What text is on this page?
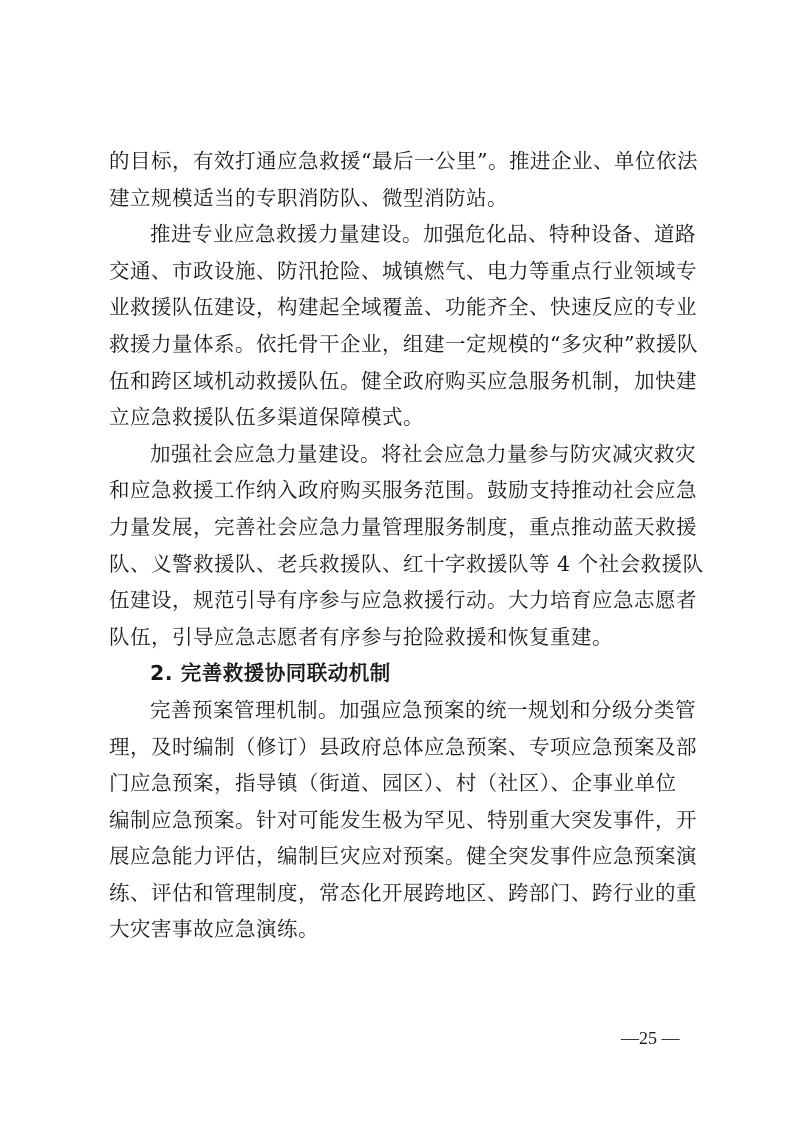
的目标，有效打通应急救援“最后一公里”。推进企业、单位依法
建立规模适当的专职消防队、微型消防站。
推进专业应急救援力量建设。加强危化品、特种设备、道路
交通、市政设施、防汛抢险、城镇燃气、电力等重点行业领域专
业救援队伍建设，构建起全域覆盖、功能齐全、快速反应的专业
救援力量体系。依托骨干企业，组建一定规模的“多灾种”救援队
伍和跨区域机动救援队伍。健全政府购买应急服务机制，加快建
立应急救援队伍多渠道保障模式。
加强社会应急力量建设。将社会应急力量参与防灾减灾救灾
和应急救援工作纳入政府购买服务范围。鼓励支持推动社会应急
力量发展，完善社会应急力量管理服务制度，重点推动蓝天救援
队、义警救援队、老兵救援队、红十字救援队等 4 个社会救援队
伍建设，规范引导有序参与应急救援行动。大力培育应急志愿者
队伍，引导应急志愿者有序参与抢险救援和恢复重建。
2. 完善救援协同联动机制
完善预案管理机制。加强应急预案的统一规划和分级分类管
理，及时编制（修订）县政府总体应急预案、专项应急预案及部
门应急预案，指导镇（街道、园区）、村（社区）、企事业单位
编制应急预案。针对可能发生极为罕见、特别重大突发事件，开
展应急能力评估，编制巨灾应对预案。健全突发事件应急预案演
练、评估和管理制度，常态化开展跨地区、跨部门、跨行业的重
大灾害事故应急演练。
—25 —
